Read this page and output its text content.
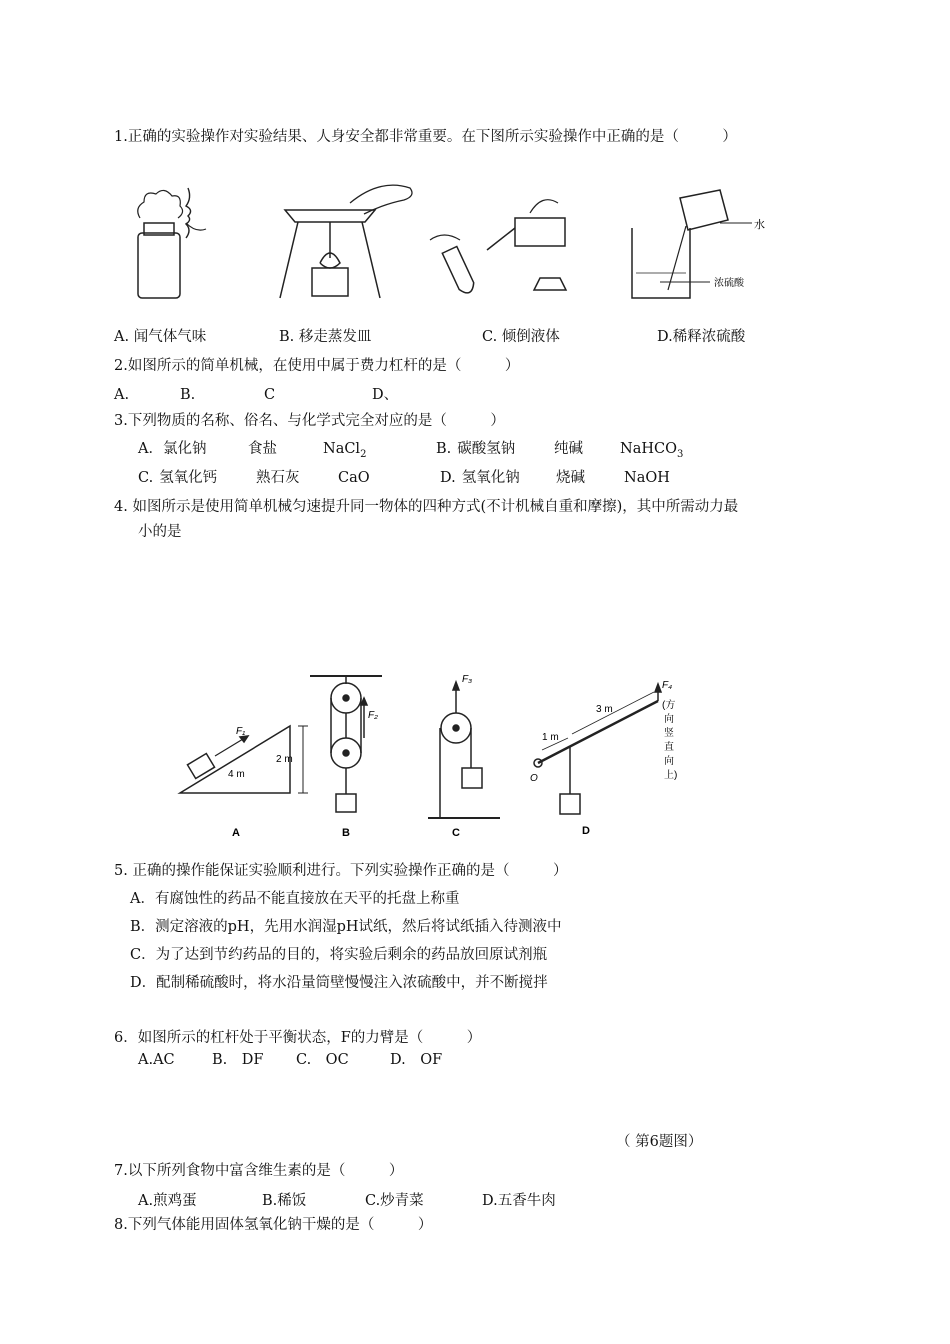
1.正确的实验操作对实验结果、人身安全都非常重要。在下图所示实验操作中正确的是（　　　）
水
浓硫酸
A. 闻气体气味	B. 移走蒸发皿	C. 倾倒液体	D.稀释浓硫酸
2.如图所示的简单机械，在使用中属于费力杠杆的是（　　　）
A.	B.	C	D、
3.下列物质的名称、俗名、与化学式完全对应的是（　　　）
A．氯化钠	食盐	NaCl$_2$	B. 碳酸氢钠	纯碱	NaHCO$_3$
C. 氢氧化钙	熟石灰	CaO	D. 氢氧化钠	烧碱	NaOH
4. 如图所示是使用简单机械匀速提升同一物体的四种方式(不计机械自重和摩擦)，其中所需动力最
小的是
F₁
4 m
2 m
A
F₂
B
F₃
C
F₄
3 m
1 m
O
(方
向
竖
直
向
上)
D
5. 正确的操作能保证实验顺利进行。下列实验操作正确的是（　　　）
A．有腐蚀性的药品不能直接放在天平的托盘上称重
B．测定溶液的pH，先用水润湿pH试纸，然后将试纸插入待测液中
C．为了达到节约药品的目的，将实验后剩余的药品放回原试剂瓶
D．配制稀硫酸时，将水沿量筒壁慢慢注入浓硫酸中，并不断搅拌
6．如图所示的杠杆处于平衡状态，F的力臂是（　　　）
A.AC	B.　DF C.　OC	D.　OF
（ 第6题图）
7.以下所列食物中富含维生素的是（　　　）
A.煎鸡蛋	B.稀饭	C.炒青菜	D.五香牛肉
8.下列气体能用固体氢氧化钠干燥的是（　　　）
